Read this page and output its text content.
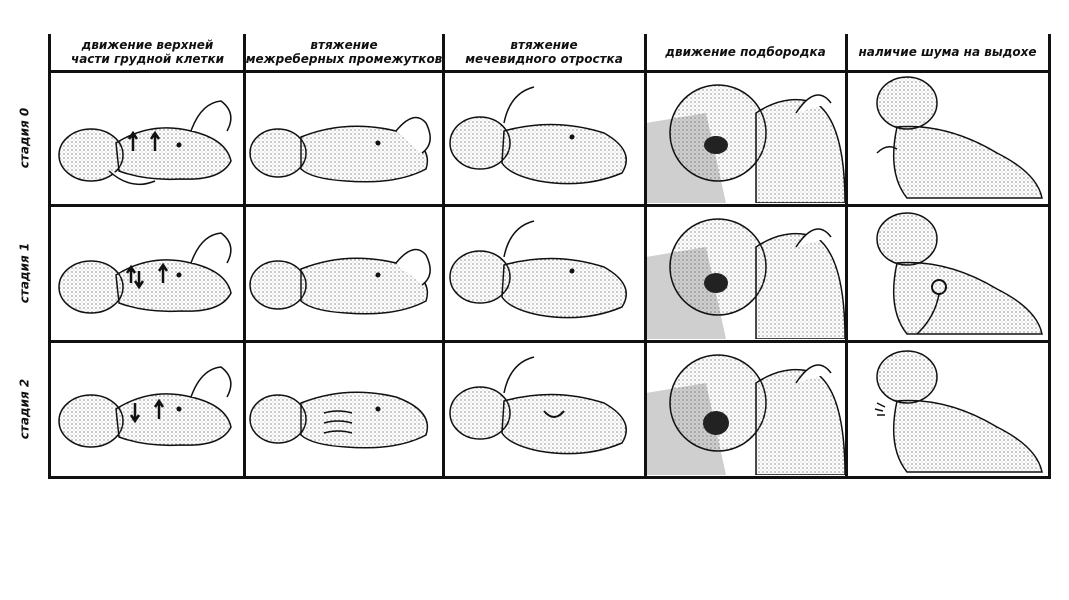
движение верхней
части грудной клетки
втяжение
межреберных промежутков
втяжение
мечевидного отростка	движение подбородка	наличие шума на выдохе
стадия 0
стадия 1
стадия 2
